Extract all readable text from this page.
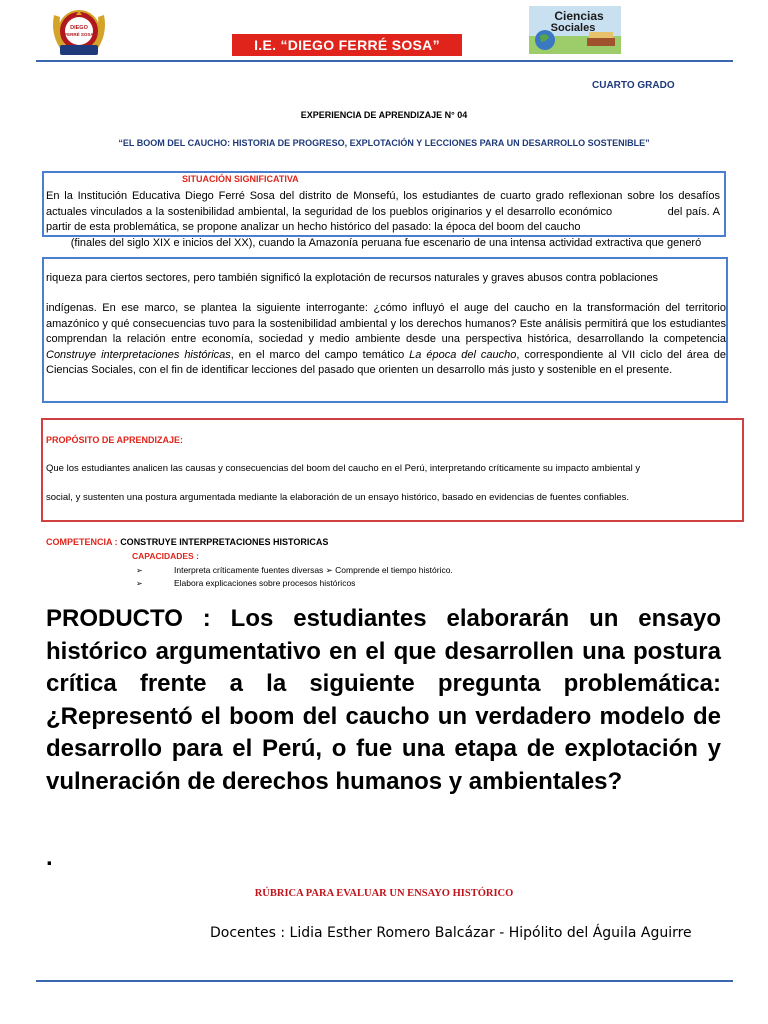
DIEGO
FERRÉ SOSA
I.E. “DIEGO FERRÉ SOSA”
Ciencias
Sociales
CUARTO GRADO
EXPERIENCIA DE APRENDIZAJE N° 04
“EL BOOM DEL CAUCHO: HISTORIA DE PROGRESO, EXPLOTACIÓN Y LECCIONES PARA UN DESARROLLO SOSTENIBLE”
SITUACIÓN SIGNIFICATIVA
En la Institución Educativa Diego Ferré Sosa del distrito de Monsefú, los estudiantes de cuarto grado reflexionan sobre los desafíos actuales vinculados a la sostenibilidad ambiental, la seguridad de los pueblos originarios y el desarrollo económico	del país. A partir de esta problemática, se propone analizar un hecho histórico del pasado: la época del boom del caucho
(finales del siglo XIX e inicios del XX), cuando la Amazonía peruana fue escenario de una intensa actividad extractiva que generó
riqueza para ciertos sectores, pero también significó la explotación de recursos naturales y graves abusos contra poblaciones
indígenas. En ese marco, se plantea la siguiente interrogante: ¿cómo influyó el auge del caucho en la transformación del territorio amazónico y qué consecuencias tuvo para la sostenibilidad ambiental y los derechos humanos? Este análisis permitirá que los estudiantes comprendan la relación entre economía, sociedad y medio ambiente desde una perspectiva histórica, desarrollando la competencia Construye interpretaciones históricas, en el marco del campo temático La época del caucho, correspondiente al VII ciclo del área de Ciencias Sociales, con el fin de identificar lecciones del pasado que orienten un desarrollo más justo y sostenible en el presente.
PROPÓSITO DE APRENDIZAJE:
Que los estudiantes analicen las causas y consecuencias del boom del caucho en el Perú, interpretando críticamente su impacto ambiental y
social, y sustenten una postura argumentada mediante la elaboración de un ensayo histórico, basado en evidencias de fuentes confiables.
COMPETENCIA : CONSTRUYE INTERPRETACIONES HISTORICAS
CAPACIDADES :
➢	Interpreta críticamente fuentes diversas ➢ Comprende el tiempo histórico.
➢	Elabora explicaciones sobre procesos históricos
PRODUCTO : Los estudiantes elaborarán un ensayo histórico argumentativo en el que desarrollen una postura crítica frente a la siguiente pregunta problemática: ¿Representó el boom del caucho un verdadero modelo de desarrollo para el Perú, o fue una etapa de explotación y vulneración de derechos humanos y ambientales?
.
RÚBRICA PARA EVALUAR UN ENSAYO HISTÓRICO
Docentes : Lidia Esther Romero Balcázar - Hipólito del Águila Aguirre
